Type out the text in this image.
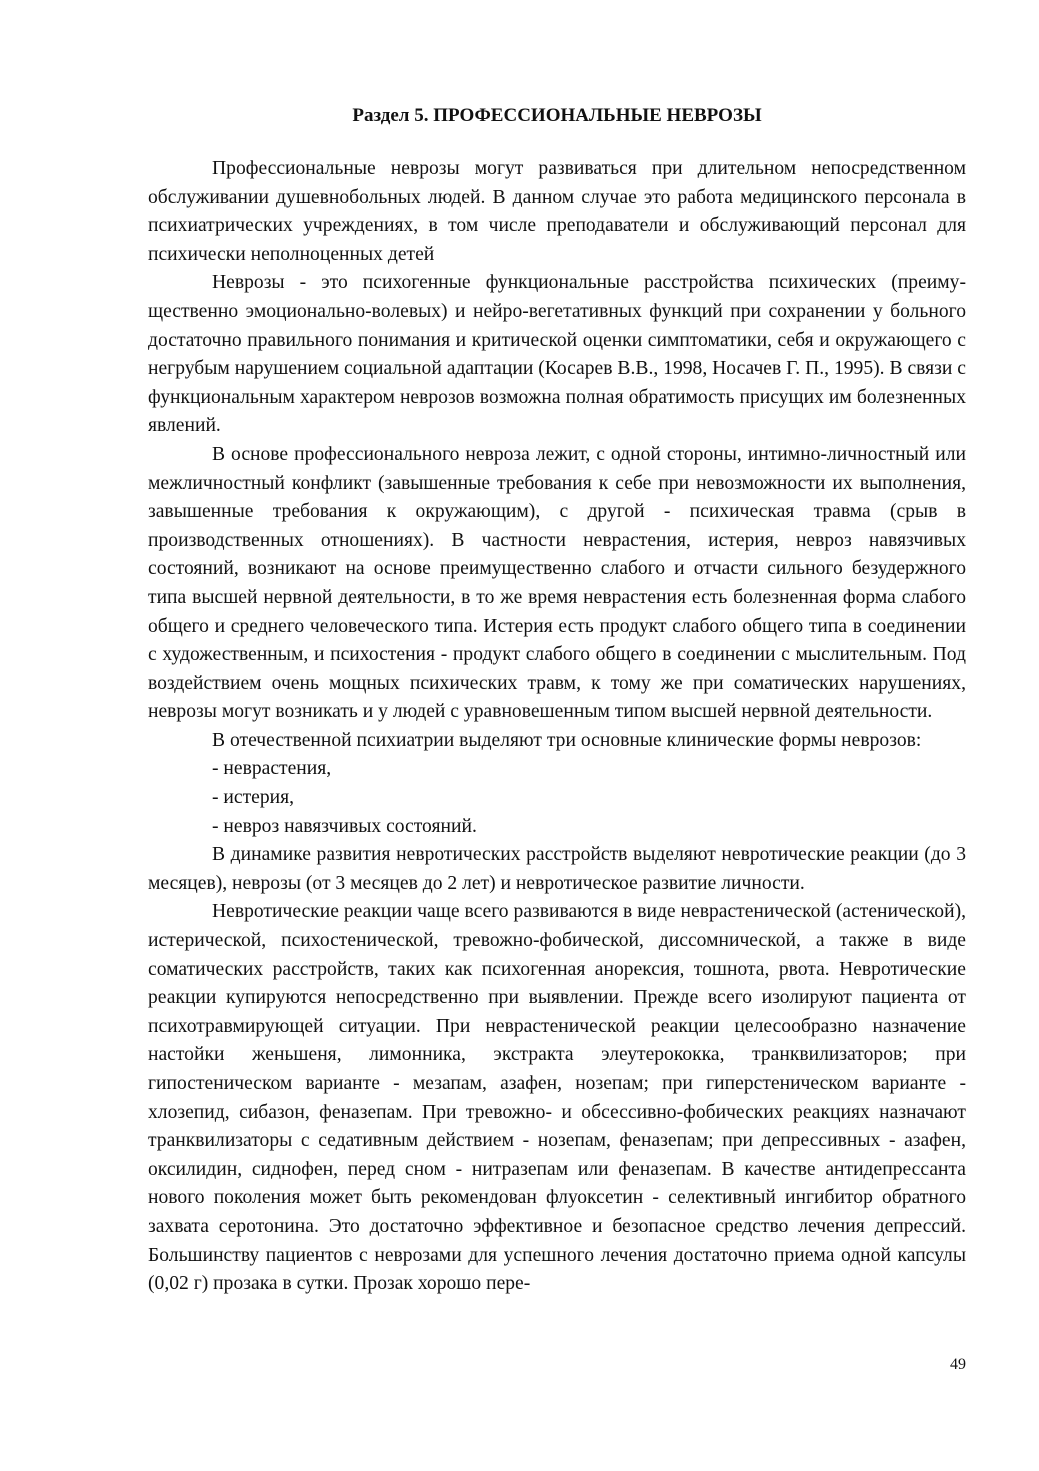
Раздел 5. ПРОФЕССИОНАЛЬНЫЕ НЕВРОЗЫ

Профессиональные неврозы могут развиваться при длительном непосредственном обслуживании душевнобольных людей. В данном случае это работа медицинского персонала в психиатрических учреждениях, в том числе преподаватели и обслуживающий персонал для психически неполноценных детей

Неврозы - это психогенные функциональные расстройства психических (преимущественно эмоционально-волевых) и нейро-вегетативных функций при сохранении у больного достаточно правильного понимания и критической оценки симптоматики, себя и окружающего с негрубым нарушением социальной адаптации (Косарев В.В., 1998, Носачев Г. П., 1995). В связи с функциональным характером неврозов возможна полная обратимость присущих им болезненных явлений.

В основе профессионального невроза лежит, с одной стороны, интимно-личностный или межличностный конфликт (завышенные требования к себе при невозможности их выполнения, завышенные требования к окружающим), с другой - психическая травма (срыв в производственных отношениях). В частности неврастения, истерия, невроз навязчивых состояний, возникают на основе преимущественно слабого и отчасти сильного безудержного типа высшей нервной деятельности, в то же время неврастения есть болезненная форма слабого общего и среднего человеческого типа. Истерия есть продукт слабого общего типа в соединении с художественным, и психостения - продукт слабого общего в соединении с мыслительным. Под воздействием очень мощных психических травм, к тому же при соматических нарушениях, неврозы могут возникать и у людей с уравновешенным типом высшей нервной деятельности.

В отечественной психиатрии выделяют три основные клинические формы неврозов:

- неврастения,

- истерия,

- невроз навязчивых состояний.

В динамике развития невротических расстройств выделяют невротические реакции (до 3 месяцев), неврозы (от 3 месяцев до 2 лет) и невротическое развитие личности.

Невротические реакции чаще всего развиваются в виде неврастенической (астенической), истерической, психостенической, тревожно-фобической, диссомнической, а также в виде соматических расстройств, таких как психогенная анорексия, тошнота, рвота. Невротические реакции купируются непосредственно при выявлении. Прежде всего изолируют пациента от психотравмирующей ситуации. При неврастенической реакции целесообразно назначение настойки женьшеня, лимонника, экстракта элеутерококка, транквилизаторов; при гипостеническом варианте - мезапам, азафен, нозепам; при гиперстеническом варианте - хлозепид, сибазон, феназепам. При тревожно- и обсессивно-фобических реакциях назначают транквилизаторы с седативным действием - нозепам, феназепам; при депрессивных - азафен, оксилидин, сиднофен, перед сном - нитразепам или феназепам. В качестве антидепрессанта нового поколения может быть рекомендован флуоксетин - селективный ингибитор обратного захвата серотонина. Это достаточно эффективное и безопасное средство лечения депрессий. Большинству пациентов с неврозами для успешного лечения достаточно приема одной капсулы (0,02 г) прозака в сутки. Прозак хорошо пере-

49
